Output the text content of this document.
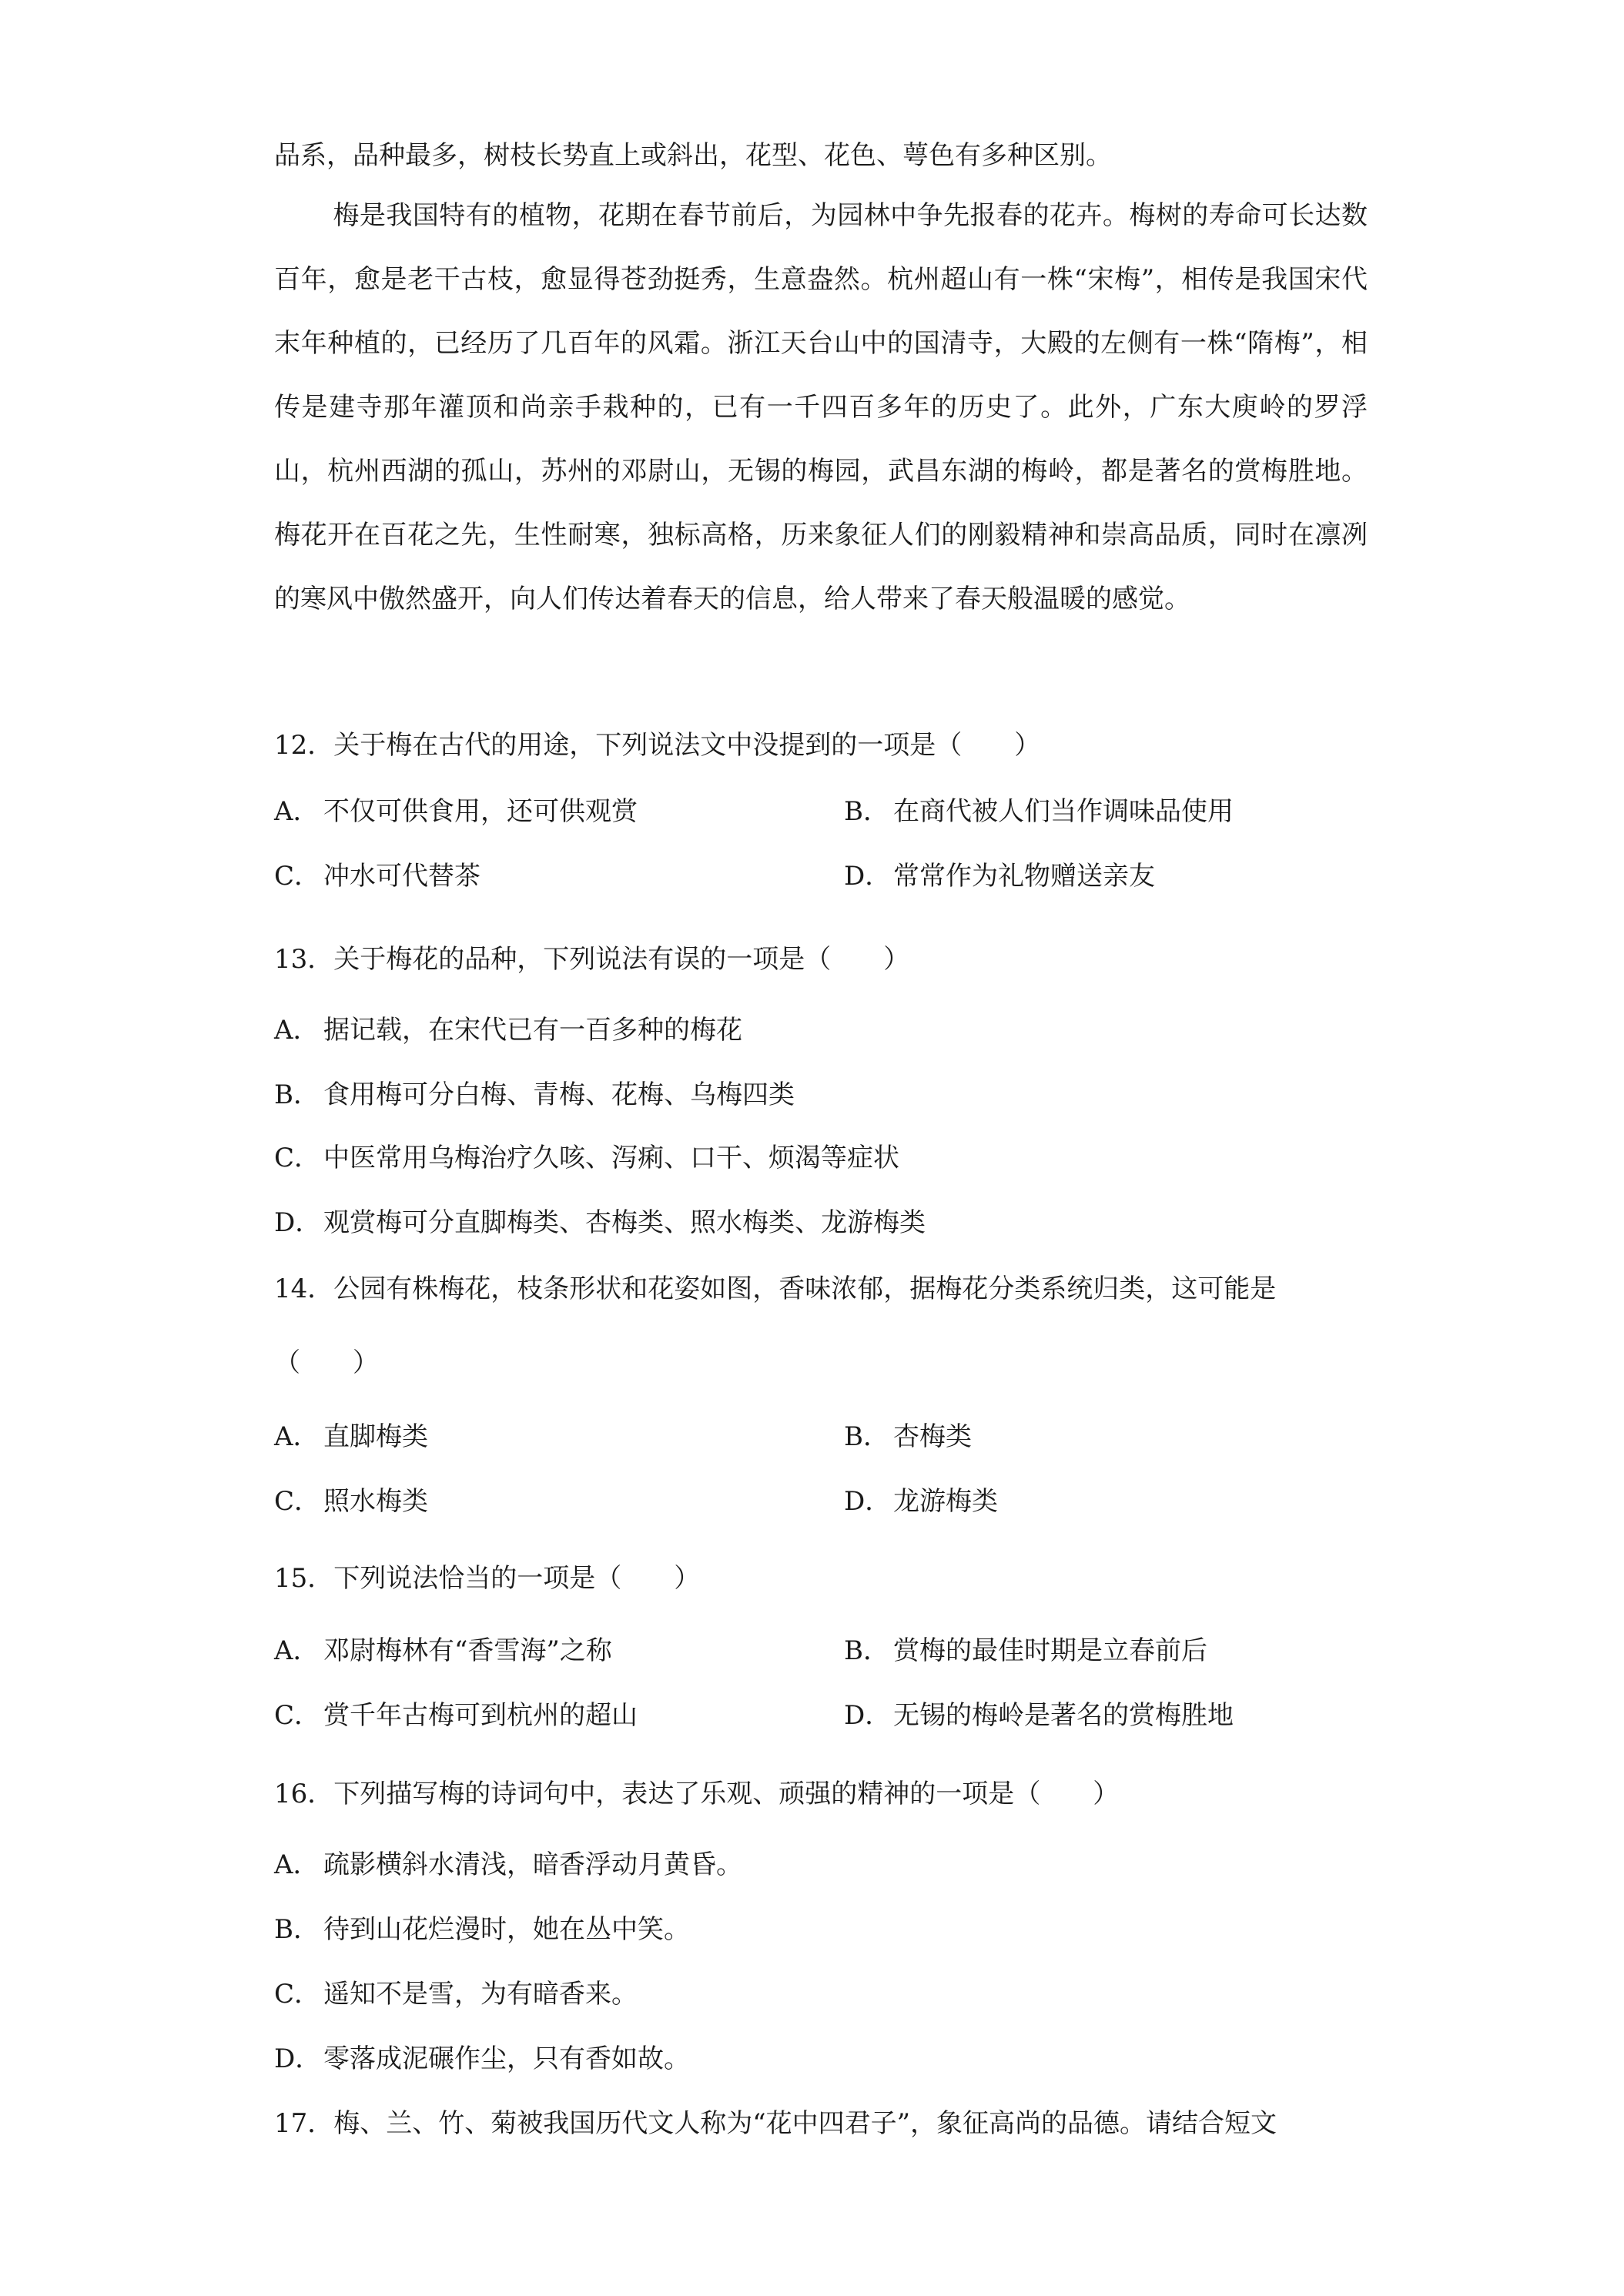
品系，品种最多，树枝长势直上或斜出，花型、花色、萼色有多种区别。

梅是我国特有的植物，花期在春节前后，为园林中争先报春的花卉。梅树的寿命可长达数百年，愈是老干古枝，愈显得苍劲挺秀，生意盎然。杭州超山有一株“宋梅”，相传是我国宋代末年种植的，已经历了几百年的风霜。浙江天台山中的国清寺，大殿的左侧有一株“隋梅”，相传是建寺那年灌顶和尚亲手栽种的，已有一千四百多年的历史了。此外，广东大庾岭的罗浮山，杭州西湖的孤山，苏州的邓尉山，无锡的梅园，武昌东湖的梅岭，都是著名的赏梅胜地。梅花开在百花之先，生性耐寒，独标高格，历来象征人们的刚毅精神和崇高品质，同时在凛冽的寒风中傲然盛开，向人们传达着春天的信息，给人带来了春天般温暖的感觉。

12．关于梅在古代的用途，下列说法文中没提到的一项是（　　）

A． 不仅可供食用，还可供观赏	B． 在商代被人们当作调味品使用

C． 冲水可代替茶	D．常常作为礼物赠送亲友

13．关于梅花的品种，下列说法有误的一项是（　　）

A． 据记载，在宋代已有一百多种的梅花

B． 食用梅可分白梅、青梅、花梅、乌梅四类

C． 中医常用乌梅治疗久咳、泻痢、口干、烦渴等症状

D．观赏梅可分直脚梅类、杏梅类、照水梅类、龙游梅类

14．公园有株梅花，枝条形状和花姿如图，香味浓郁，据梅花分类系统归类，这可能是

（　　）

A． 直脚梅类	B． 杏梅类

C． 照水梅类	D．龙游梅类

15．下列说法恰当的一项是（　　）

A． 邓尉梅林有“香雪海”之称	B． 赏梅的最佳时期是立春前后

C． 赏千年古梅可到杭州的超山	D．无锡的梅岭是著名的赏梅胜地

16．下列描写梅的诗词句中，表达了乐观、顽强的精神的一项是（　　）

A． 疏影横斜水清浅，暗香浮动月黄昏。

B． 待到山花烂漫时，她在丛中笑。

C． 遥知不是雪，为有暗香来。

D．零落成泥碾作尘，只有香如故。

17．梅、兰、竹、菊被我国历代文人称为“花中四君子”，象征高尚的品德。请结合短文
